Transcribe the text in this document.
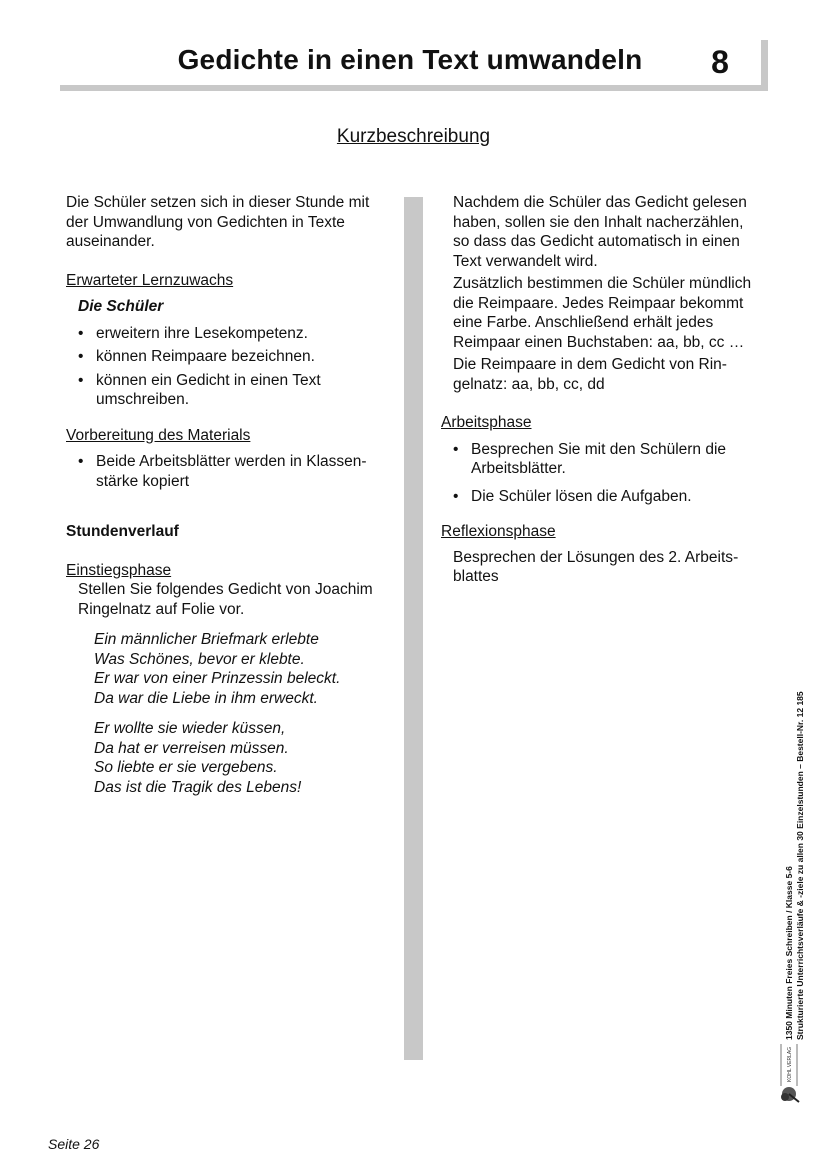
Gedichte in einen Text umwandeln	8
Kurzbeschreibung

Die Schüler setzen sich in dieser Stunde mit der Umwandlung von Gedichten in Texte auseinander.

Erwarteter Lernzuwachs

Die Schüler

• erweitern ihre Lesekompetenz.
• können Reimpaare bezeichnen.
• können ein Gedicht in einen Text umschreiben.

Vorbereitung des Materials

• Beide Arbeitsblätter werden in Klassenstärke kopiert

Stundenverlauf

Einstiegsphase

Stellen Sie folgendes Gedicht von Joachim Ringelnatz auf Folie vor.

Ein männlicher Briefmark erlebte

Was Schönes, bevor er klebte.

Er war von einer Prinzessin beleckt.

Da war die Liebe in ihm erweckt.

Er wollte sie wieder küssen,

Da hat er verreisen müssen.

So liebte er sie vergebens.

Das ist die Tragik des Lebens!

Nachdem die Schüler das Gedicht gelesen haben, sollen sie den Inhalt nacherzählen, so dass das Gedicht automatisch in einen Text verwandelt wird.

Zusätzlich bestimmen die Schüler mündlich die Reimpaare. Jedes Reimpaar bekommt eine Farbe. Anschließend erhält jedes Reimpaar einen Buchstaben: aa, bb, cc …

Die Reimpaare in dem Gedicht von Ringelnatz: aa, bb, cc, dd

Arbeitsphase

• Besprechen Sie mit den Schülern die Arbeitsblätter.
• Die Schüler lösen die Aufgaben.

Reflexionsphase

Besprechen der Lösungen des 2. Arbeitsblattes

1350 Minuten Freies Schreiben / Klasse 5-6 Strukturierte Unterrichtsverläufe & -ziele zu allen 30 Einzelstunden – Bestell-Nr. 12 185
KOHL VERLAG
Seite 26
